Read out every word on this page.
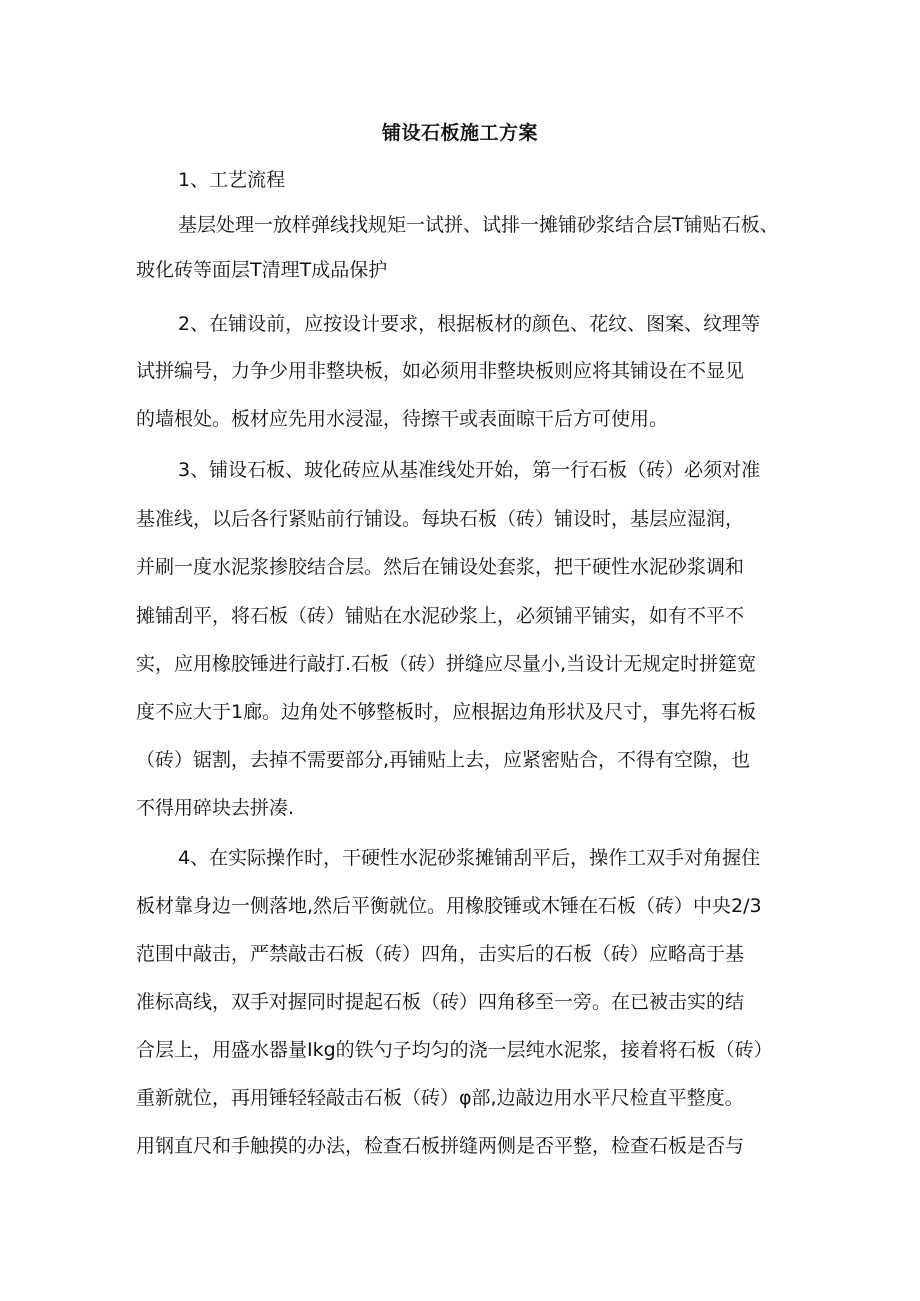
铺设石板施工方案
1、工艺流程
基层处理一放样弹线找规矩一试拼、试排一摊铺砂浆结合层T铺贴石板、
玻化砖等面层T清理T成品保护
2、在铺设前，应按设计要求，根据板材的颜色、花纹、图案、纹理等
试拼编号，力争少用非整块板，如必须用非整块板则应将其铺设在不显见
的墙根处。板材应先用水浸湿，待擦干或表面晾干后方可使用。
3、铺设石板、玻化砖应从基准线处开始，第一行石板（砖）必须对准
基准线，以后各行紧贴前行铺设。每块石板（砖）铺设时，基层应湿润，
并刷一度水泥浆掺胶结合层。然后在铺设处套浆，把干硬性水泥砂浆调和
摊铺刮平，将石板（砖）铺贴在水泥砂浆上，必须铺平铺实，如有不平不
实，应用橡胶锤进行敲打.石板（砖）拼缝应尽量小,当设计无规定时拼筵宽
度不应大于1廊。边角处不够整板时，应根据边角形状及尺寸，事先将石板
（砖）锯割，去掉不需要部分,再铺贴上去，应紧密贴合，不得有空隙，也
不得用碎块去拼凑.
4、在实际操作时，干硬性水泥砂浆摊铺刮平后，操作工双手对角握住
板材靠身边一侧落地,然后平衡就位。用橡胶锤或木锤在石板（砖）中央2/3
范围中敲击，严禁敲击石板（砖）四角，击实后的石板（砖）应略高于基
准标高线，双手对握同时提起石板（砖）四角移至一旁。在已被击实的结
合层上，用盛水器量Ikg的铁勺子均匀的浇一层纯水泥浆，接着将石板（砖）
重新就位，再用锤轻轻敲击石板（砖）φ部,边敲边用水平尺检直平整度。
用钢直尺和手触摸的办法，检查石板拼缝两侧是否平整，检查石板是否与
